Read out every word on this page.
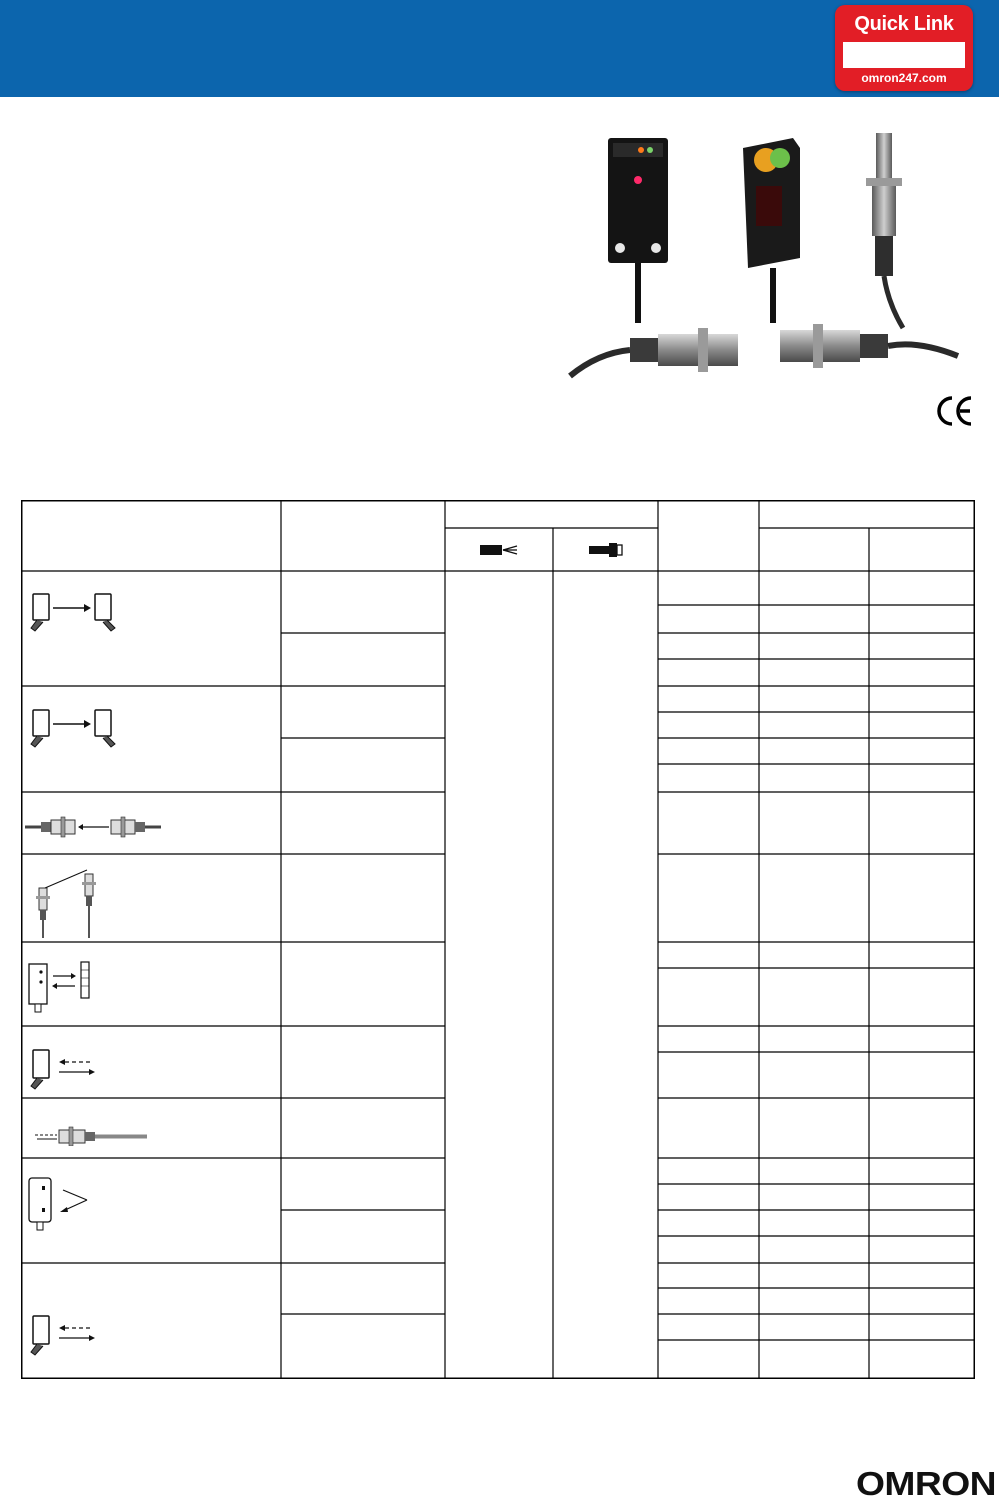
Quick Link
omron247.com
OMRON
